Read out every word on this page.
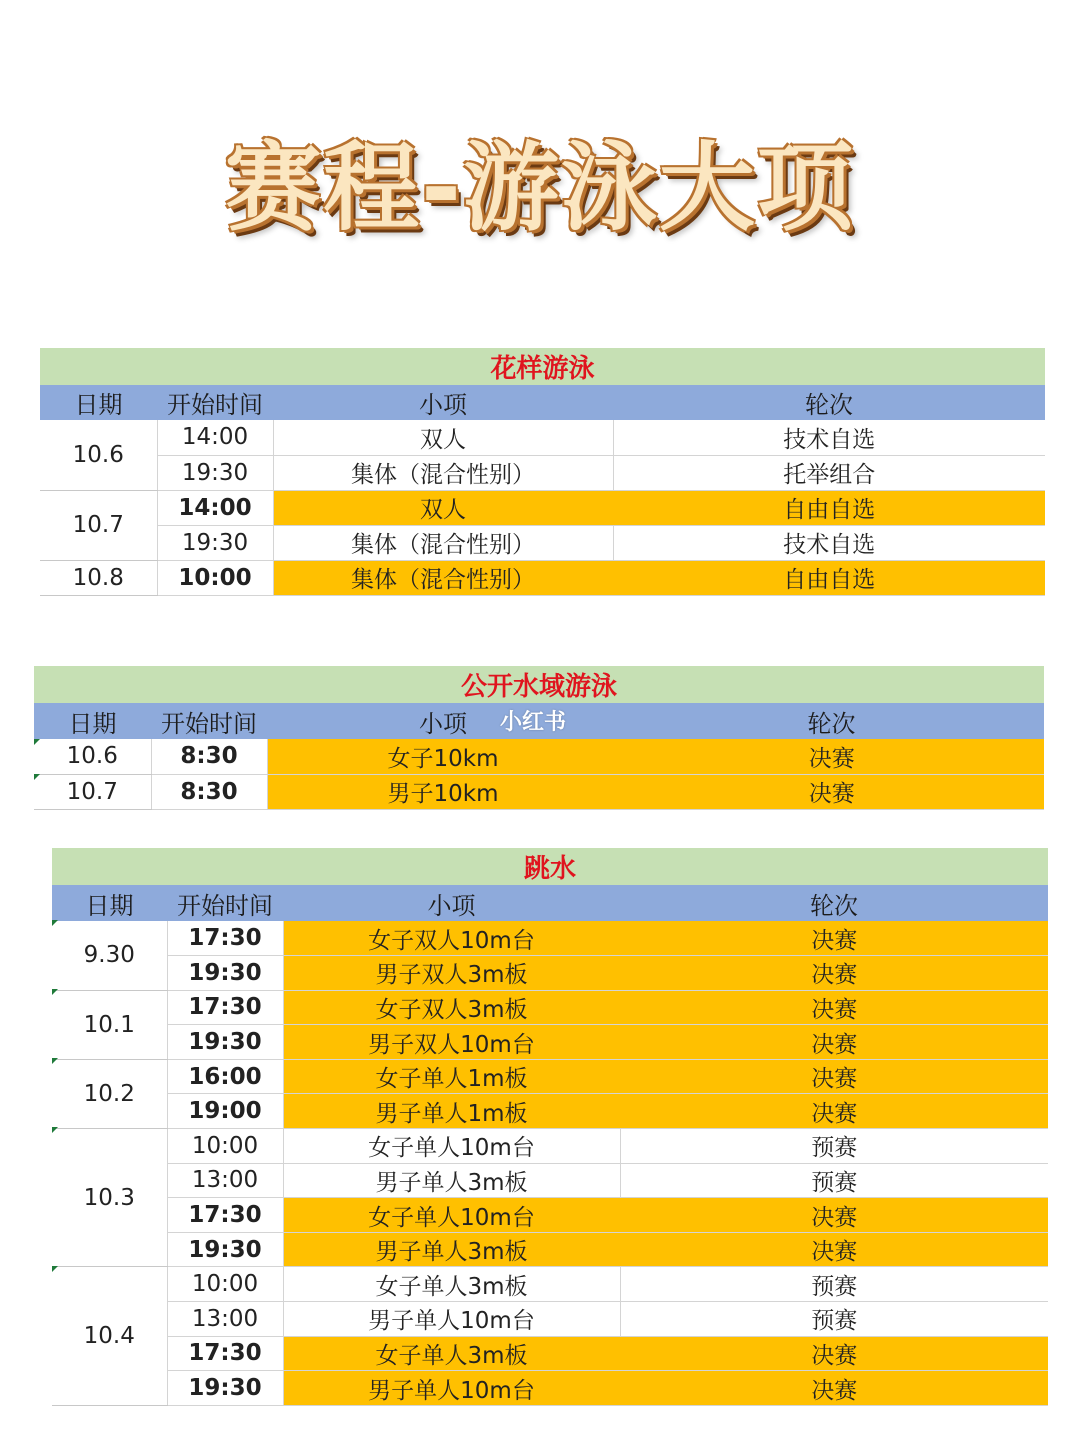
赛程-游泳大项
花样游泳			
日期	开始时间	小项	轮次
10.6	14:00	双人	技术自选
	19:30	集体（混合性别）	托举组合
10.7	14:00	双人	自由自选
	19:30	集体（混合性别）	技术自选
10.8	10:00	集体（混合性别）	自由自选
公开水域游泳			
日期	开始时间	小项	轮次
10.6	8:30	女子10km	决赛
10.7	8:30	男子10km	决赛
小红书
跳水			
日期	开始时间	小项	轮次
9.30	17:30	女子双人10m台	决赛
	19:30	男子双人3m板	决赛
10.1	17:30	女子双人3m板	决赛
	19:30	男子双人10m台	决赛
10.2	16:00	女子单人1m板	决赛
	19:00	男子单人1m板	决赛
10.3	10:00	女子单人10m台	预赛
	13:00	男子单人3m板	预赛
	17:30	女子单人10m台	决赛
	19:30	男子单人3m板	决赛
10.4	10:00	女子单人3m板	预赛
	13:00	男子单人10m台	预赛
	17:30	女子单人3m板	决赛
	19:30	男子单人10m台	决赛
